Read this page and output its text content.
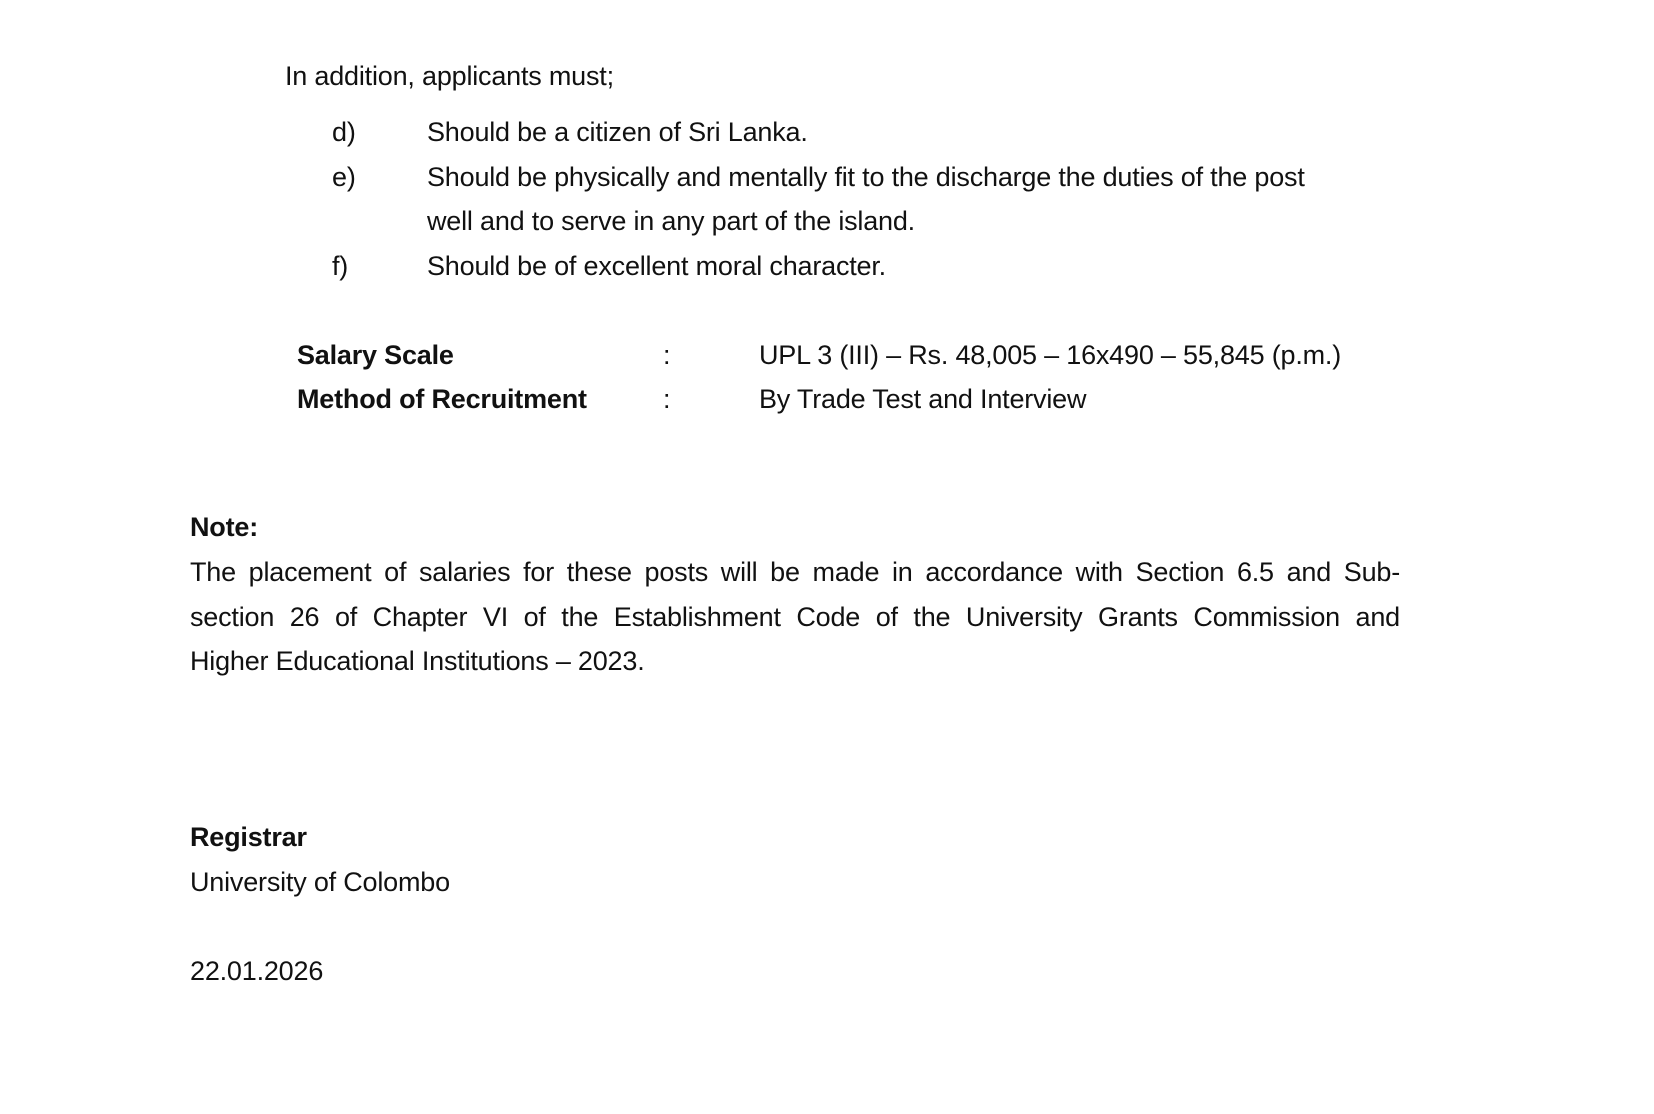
In addition, applicants must;
d)	Should be a citizen of Sri Lanka.
e)	Should be physically and mentally fit to the discharge the duties of the post
well and to serve in any part of the island.
f)	Should be of excellent moral character.
Salary Scale	:	UPL 3 (III) – Rs. 48,005 – 16x490 – 55,845 (p.m.)
Method of Recruitment	:	By Trade Test and Interview
Note:
The placement of salaries for these posts will be made in accordance with Section 6.5 and Sub-
section 26 of Chapter VI of the Establishment Code of the University Grants Commission and
Higher Educational Institutions – 2023.
Registrar
University of Colombo
22.01.2026
